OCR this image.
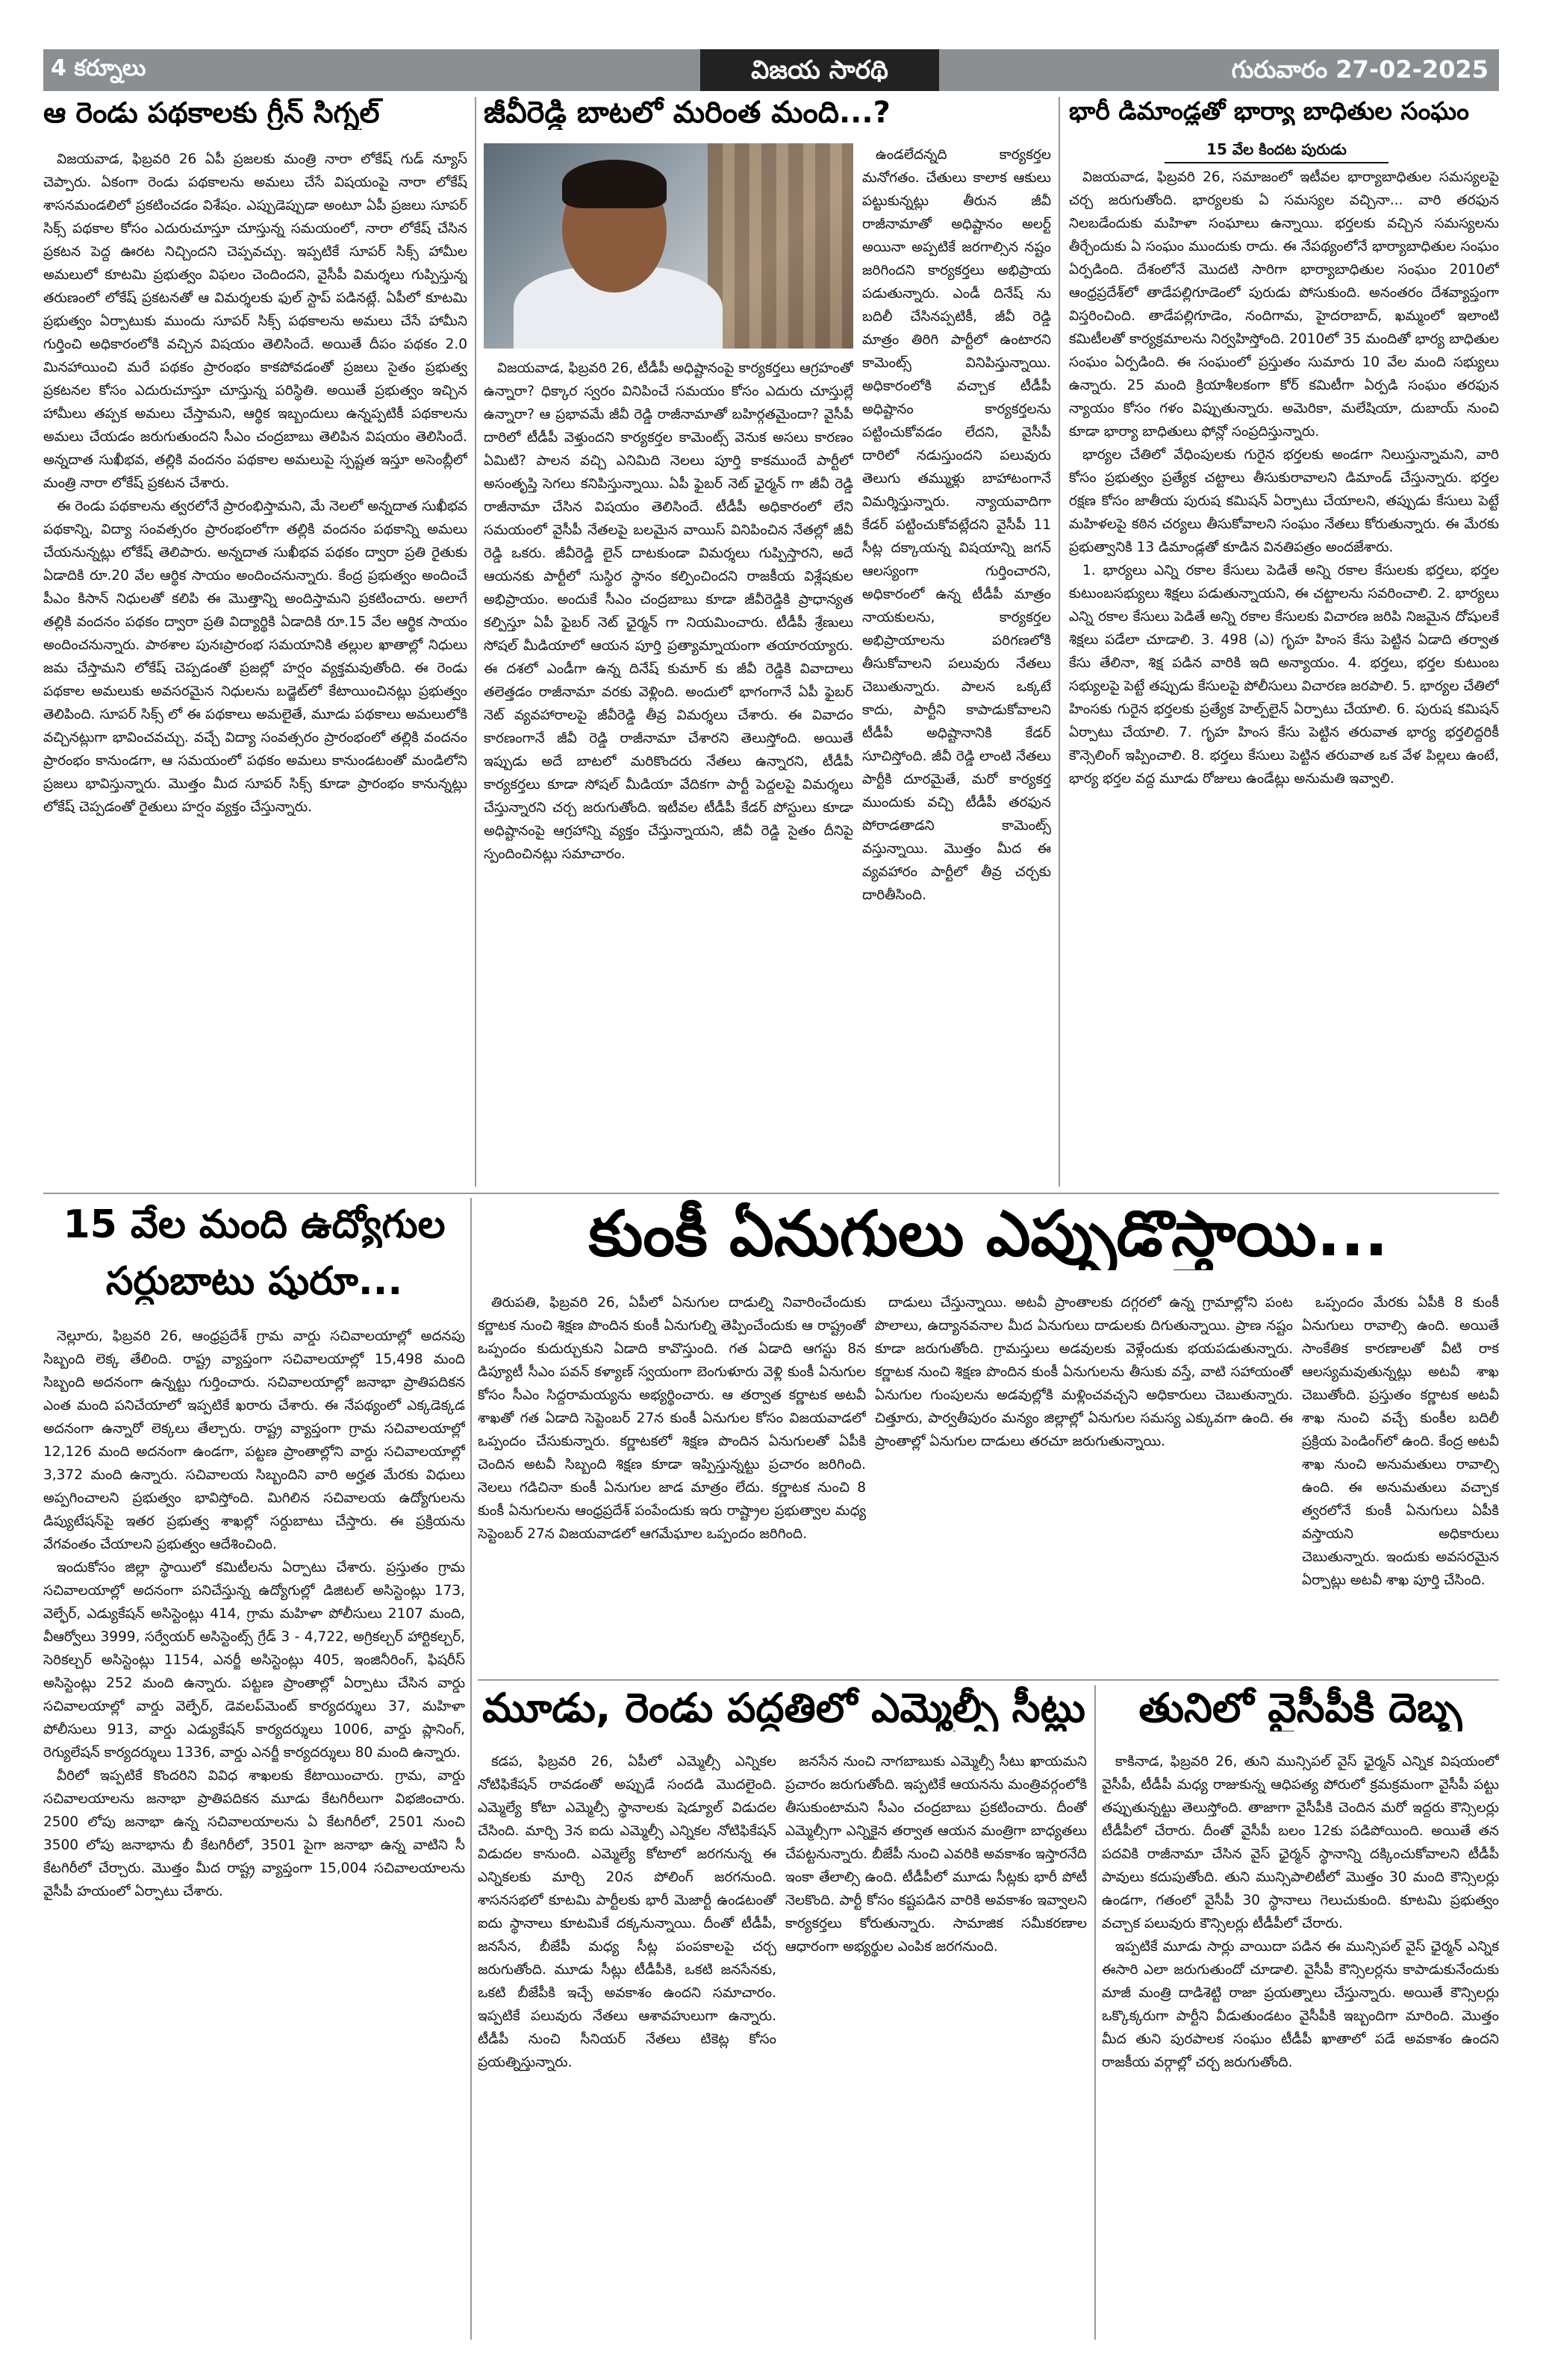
4 కర్నూలు	విజయ సారథి	గురువారం 27-02-2025
ఆ రెండు పథకాలకు గ్రీన్ సిగ్నల్

విజయవాడ, ఫిబ్రవరి 26 ఏపీ ప్రజలకు మంత్రి నారా లోకేష్ గుడ్ న్యూస్ చెప్పారు. ఏకంగా రెండు పథకాలను అమలు చేసే విషయంపై నారా లోకేష్ శాసనమండలిలో ప్రకటించడం విశేషం. ఎప్పుడెప్పుడా అంటూ ఏపీ ప్రజలు సూపర్ సిక్స్ పథకాల కోసం ఎదురుచూస్తూ చూస్తున్న సమయంలో, నారా లోకేష్ చేసిన ప్రకటన పెద్ద ఊరట నిచ్చిందని చెప్పవచ్చు. ఇప్పటికే సూపర్ సిక్స్ హామీల అమలులో కూటమి ప్రభుత్వం విఫలం చెందిందని, వైసీపీ విమర్శలు గుప్పిస్తున్న తరుణంలో లోకేష్ ప్రకటనతో ఆ విమర్శలకు ఫుల్ స్టాప్ పడినట్లే. ఏపీలో కూటమి ప్రభుత్వం ఏర్పాటుకు ముందు సూపర్ సిక్స్ పథకాలను అమలు చేసే హామీని గుర్తించి అధికారంలోకి వచ్చిన విషయం తెలిసిందే. అయితే దీపం పథకం 2.0 మినహాయించి మరే పథకం ప్రారంభం కాకపోవడంతో ప్రజలు సైతం ప్రభుత్వ ప్రకటనల కోసం ఎదురుచూస్తూ చూస్తున్న పరిస్థితి. అయితే ప్రభుత్వం ఇచ్చిన హామీలు తప్పక అమలు చేస్తామని, ఆర్థిక ఇబ్బందులు ఉన్నప్పటికీ పథకాలను అమలు చేయడం జరుగుతుందని సీఎం చంద్రబాబు తెలిపిన విషయం తెలిసిందే. అన్నదాత సుఖీభవ, తల్లికి వందనం పథకాల అమలుపై స్పష్టత ఇస్తూ అసెంబ్లీలో మంత్రి నారా లోకేష్ ప్రకటన చేశారు.

ఈ రెండు పథకాలను త్వరలోనే ప్రారంభిస్తామని, మే నెలలో అన్నదాత సుఖీభవ పథకాన్ని, విద్యా సంవత్సరం ప్రారంభంలోగా తల్లికి వందనం పథకాన్ని అమలు చేయనున్నట్లు లోకేష్ తెలిపారు. అన్నదాత సుఖీభవ పథకం ద్వారా ప్రతి రైతుకు ఏడాదికి రూ.20 వేల ఆర్థిక సాయం అందించనున్నారు. కేంద్ర ప్రభుత్వం అందించే పీఎం కిసాన్ నిధులతో కలిపి ఈ మొత్తాన్ని అందిస్తామని ప్రకటించారు. అలాగే తల్లికి వందనం పథకం ద్వారా ప్రతి విద్యార్థికి ఏడాదికి రూ.15 వేల ఆర్థిక సాయం అందించనున్నారు. పాఠశాల పునఃప్రారంభ సమయానికి తల్లుల ఖాతాల్లో నిధులు జమ చేస్తామని లోకేష్ చెప్పడంతో ప్రజల్లో హర్షం వ్యక్తమవుతోంది. ఈ రెండు పథకాల అమలుకు అవసరమైన నిధులను బడ్జెట్‌లో కేటాయించినట్లు ప్రభుత్వం తెలిపింది. సూపర్ సిక్స్ లో ఈ పథకాలు అమలైతే, మూడు పథకాలు అమలులోకి వచ్చినట్లుగా భావించవచ్చు. వచ్చే విద్యా సంవత్సరం ప్రారంభంలో తల్లికి వందనం ప్రారంభం కానుండగా, ఆ సమయంలో పథకం అమలు కానుండటంతో మండిలోని ప్రజలు భావిస్తున్నారు. మొత్తం మీద సూపర్ సిక్స్ కూడా ప్రారంభం కానున్నట్లు లోకేష్ చెప్పడంతో రైతులు హర్షం వ్యక్తం చేస్తున్నారు.

జీవీరెడ్డి బాటలో మరింత మంది...?

విజయవాడ, ఫిబ్రవరి 26, టీడీపీ అధిష్టానంపై కార్యకర్తలు ఆగ్రహంతో ఉన్నారా? ధిక్కార స్వరం వినిపించే సమయం కోసం ఎదురు చూస్తుల్లే ఉన్నారా? ఆ ప్రభావమే జీవీ రెడ్డి రాజీనామాతో బహిర్గతమైందా? వైసీపీ దారిలో టీడీపీ వెళ్తుందని కార్యకర్తల కామెంట్స్ వెనుక అసలు కారణం ఏమిటి? పాలన వచ్చి ఎనిమిది నెలలు పూర్తి కాకముందే పార్టీలో అసంతృప్తి సెగలు కనిపిస్తున్నాయి. ఏపీ ఫైబర్ నెట్ ఛైర్మన్ గా జీవీ రెడ్డి రాజీనామా చేసిన విషయం తెలిసిందే. టీడీపీ అధికారంలో లేని సమయంలో వైసీపీ నేతలపై బలమైన వాయిస్ వినిపించిన నేతల్లో జీవీ రెడ్డి ఒకరు. జీవీరెడ్డి లైన్ దాటకుండా విమర్శలు గుప్పిస్తారని, అదే ఆయనకు పార్టీలో సుస్థిర స్థానం కల్పించిందని రాజకీయ విశ్లేషకుల అభిప్రాయం. అందుకే సీఎం చంద్రబాబు కూడా జీవీరెడ్డికి ప్రాధాన్యత కల్పిస్తూ ఏపీ ఫైబర్ నెట్ ఛైర్మన్ గా నియమించారు. టీడీపీ శ్రేణులు సోషల్ మీడియాలో ఆయన పూర్తి ప్రత్యామ్నాయంగా తయారయ్యారు. ఈ దశలో ఎండీగా ఉన్న దినేష్ కుమార్ కు జీవీ రెడ్డికి వివాదాలు తలెత్తడం రాజీనామా వరకు వెళ్లింది. అందులో భాగంగానే ఏపీ ఫైబర్ నెట్ వ్యవహారాలపై జీవీరెడ్డి తీవ్ర విమర్శలు చేశారు. ఈ వివాదం కారణంగానే జీవీ రెడ్డి రాజీనామా చేశారని తెలుస్తోంది. అయితే ఇప్పుడు అదే బాటలో మరికొందరు నేతలు ఉన్నారని, టీడీపీ కార్యకర్తలు కూడా సోషల్ మీడియా వేదికగా పార్టీ పెద్దలపై విమర్శలు చేస్తున్నారని చర్చ జరుగుతోంది. ఇటీవల టీడీపీ కేడర్ పోస్టులు కూడా అధిష్టానంపై ఆగ్రహాన్ని వ్యక్తం చేస్తున్నాయని, జీవీ రెడ్డి సైతం దీనిపై స్పందించినట్లు సమాచారం.

ఉండలేదన్నది కార్యకర్తల మనోగతం. చేతులు కాలాక ఆకులు పట్టుకున్నట్లు తీరున జీవీ రాజీనామాతో అధిష్టానం అలర్ట్ అయినా అప్పటికే జరగాల్సిన నష్టం జరిగిందని కార్యకర్తలు అభిప్రాయ పడుతున్నారు. ఎండీ దినేష్ ను బదిలీ చేసినప్పటికీ, జీవీ రెడ్డి మాత్రం తిరిగి పార్టీలో ఉంటారని కామెంట్స్ వినిపిస్తున్నాయి. అధికారంలోకి వచ్చాక టీడీపీ అధిష్టానం కార్యకర్తలను పట్టించుకోవడం లేదని, వైసీపీ దారిలో నడుస్తుందని పలువురు తెలుగు తమ్ముళ్లు బాహాటంగానే విమర్శిస్తున్నారు. న్యాయవాదిగా కేడర్ పట్టించుకోవట్లేదని వైసీపీ 11 సీట్ల దక్కాయన్న విషయాన్ని జగన్ ఆలస్యంగా గుర్తించారని, అధికారంలో ఉన్న టీడీపీ మాత్రం నాయకులను, కార్యకర్తల అభిప్రాయాలను పరిగణలోకి తీసుకోవాలని పలువురు నేతలు చెబుతున్నారు. పాలన ఒక్కటే కాదు, పార్టీని కాపాడుకోవాలని టీడీపీ అధిష్టానానికి కేడర్ సూచిస్తోంది. జీవీ రెడ్డి లాంటి నేతలు పార్టీకి దూరమైతే, మరో కార్యకర్త ముందుకు వచ్చి టీడీపీ తరఫున పోరాడతాడని కామెంట్స్ వస్తున్నాయి. మొత్తం మీద ఈ వ్యవహారం పార్టీలో తీవ్ర చర్చకు దారితీసింది.

భారీ డిమాండ్లతో భార్యా బాధితుల సంఘం
15 వేల కిందట పురుడు

విజయవాడ, ఫిబ్రవరి 26, సమాజంలో ఇటీవల భార్యాబాధితుల సమస్యలపై చర్చ జరుగుతోంది. భార్యలకు ఏ సమస్యల వచ్చినా... వారి తరఫున నిలబడేందుకు మహిళా సంఘాలు ఉన్నాయి. భర్తలకు వచ్చిన సమస్యలను తీర్చేందుకు ఏ సంఘం ముందుకు రాదు. ఈ నేపథ్యంలోనే భార్యాబాధితుల సంఘం ఏర్పడింది. దేశంలోనే మొదటి సారిగా భార్యాబాధితుల సంఘం 2010లో ఆంధ్రప్రదేశ్‌లో తాడేపల్లిగూడెంలో పురుడు పోసుకుంది. అనంతరం దేశవ్యాప్తంగా విస్తరించింది. తాడేపల్లిగూడెం, నందిగామ, హైదరాబాద్, ఖమ్మంలో ఇలాంటి కమిటీలతో కార్యక్రమాలను నిర్వహిస్తోంది. 2010లో 35 మందితో భార్య బాధితుల సంఘం ఏర్పడింది. ఈ సంఘంలో ప్రస్తుతం సుమారు 10 వేల మంది సభ్యులు ఉన్నారు. 25 మంది క్రియాశీలకంగా కోర్ కమిటీగా ఏర్పడి సంఘం తరఫున న్యాయం కోసం గళం విప్పుతున్నారు. అమెరికా, మలేషియా, దుబాయ్ నుంచి కూడా భార్యా బాధితులు ఫోన్లో సంప్రదిస్తున్నారు.

భార్యల చేతిలో వేధింపులకు గురైన భర్తలకు అండగా నిలుస్తున్నామని, వారి కోసం ప్రభుత్వం ప్రత్యేక చట్టాలు తీసుకురావాలని డిమాండ్ చేస్తున్నారు. భర్తల రక్షణ కోసం జాతీయ పురుష కమిషన్ ఏర్పాటు చేయాలని, తప్పుడు కేసులు పెట్టే మహిళలపై కఠిన చర్యలు తీసుకోవాలని సంఘం నేతలు కోరుతున్నారు. ఈ మేరకు ప్రభుత్వానికి 13 డిమాండ్లతో కూడిన వినతిపత్రం అందజేశారు.

1. భార్యలు ఎన్ని రకాల కేసులు పెడితే అన్ని రకాల కేసులకు భర్తలు, భర్తల కుటుంబసభ్యులు శిక్షలు పడుతున్నాయని, ఈ చట్టాలను సవరించాలి. 2. భార్యలు ఎన్ని రకాల కేసులు పెడితే అన్ని రకాల కేసులకు విచారణ జరిపి నిజమైన దోషులకే శిక్షలు పడేలా చూడాలి. 3. 498 (ఎ) గృహ హింస కేసు పెట్టిన ఏడాది తర్వాత కేసు తేలినా, శిక్ష పడిన వారికి ఇది అన్యాయం. 4. భర్తలు, భర్తల కుటుంబ సభ్యులపై పెట్టే తప్పుడు కేసులపై పోలీసులు విచారణ జరపాలి. 5. భార్యల చేతిలో హింసకు గురైన భర్తలకు ప్రత్యేక హెల్ప్‌లైన్ ఏర్పాటు చేయాలి. 6. పురుష కమిషన్ ఏర్పాటు చేయాలి. 7. గృహ హింస కేసు పెట్టిన తరువాత భార్య భర్తలిద్దరికీ కౌన్సెలింగ్ ఇప్పించాలి. 8. భర్తలు కేసులు పెట్టిన తరువాత ఒక వేళ పిల్లలు ఉంటే, భార్య భర్తల వద్ద మూడు రోజులు ఉండేట్లు అనుమతి ఇవ్వాలి.

కుంకీ ఏనుగులు ఎప్పుడొస్తాయి...

తిరుపతి, ఫిబ్రవరి 26, ఏపీలో ఏనుగుల దాడుల్ని నివారించేందుకు కర్ణాటక నుంచి శిక్షణ పొందిన కుంకీ ఏనుగుల్ని తెప్పించేందుకు ఆ రాష్ట్రంతో ఒప్పందం కుదుర్చుకుని ఏడాది కావొస్తుంది. గత ఏడాది ఆగస్టు 8న డిప్యూటీ సీఎం పవన్ కళ్యాణ్ స్వయంగా బెంగుళూరు వెళ్లి కుంకీ ఏనుగుల కోసం సీఎం సిద్దరామయ్యను అభ్యర్థించారు. ఆ తర్వాత కర్ణాటక అటవీ శాఖతో గత ఏడాది సెప్టెంబర్ 27న కుంకీ ఏనుగుల కోసం విజయవాడలో ఒప్పందం చేసుకున్నారు. కర్ణాటకలో శిక్షణ పొందిన ఏనుగులతో ఏపీకి చెందిన అటవీ సిబ్బంది శిక్షణ కూడా ఇప్పిస్తున్నట్టు ప్రచారం జరిగింది. నెలలు గడిచినా కుంకీ ఏనుగుల జాడ మాత్రం లేదు. కర్ణాటక నుంచి 8 కుంకీ ఏనుగులను ఆంధ్రప్రదేశ్ పంపేందుకు ఇరు రాష్ట్రాల ప్రభుత్వాల మధ్య సెప్టెంబర్ 27న విజయవాడలో ఆగమేఘాల ఒప్పందం జరిగింది.

దాడులు చేస్తున్నాయి. అటవీ ప్రాంతాలకు దగ్గరలో ఉన్న గ్రామాల్లోని పంట పొలాలు, ఉద్యానవనాల మీద ఏనుగులు దాడులకు దిగుతున్నాయి. ప్రాణ నష్టం కూడా జరుగుతోంది. గ్రామస్తులు అడవులకు వెళ్లేందుకు భయపడుతున్నారు. కర్ణాటక నుంచి శిక్షణ పొందిన కుంకీ ఏనుగులను తీసుకు వస్తే, వాటి సహాయంతో ఏనుగుల గుంపులను అడవుల్లోకి మళ్లించవచ్చని అధికారులు చెబుతున్నారు. చిత్తూరు, పార్వతీపురం మన్యం జిల్లాల్లో ఏనుగుల సమస్య ఎక్కువగా ఉంది. ఈ ప్రాంతాల్లో ఏనుగుల దాడులు తరచూ జరుగుతున్నాయి.

ఒప్పందం మేరకు ఏపీకి 8 కుంకీ ఏనుగులు రావాల్సి ఉంది. అయితే సాంకేతిక కారణాలతో వీటి రాక ఆలస్యమవుతున్నట్లు అటవీ శాఖ చెబుతోంది. ప్రస్తుతం కర్ణాటక అటవీ శాఖ నుంచి వచ్చే కుంకీల బదిలీ ప్రక్రియ పెండింగ్‌లో ఉంది. కేంద్ర అటవీ శాఖ నుంచి అనుమతులు రావాల్సి ఉంది. ఈ అనుమతులు వచ్చాక త్వరలోనే కుంకీ ఏనుగులు ఏపీకి వస్తాయని అధికారులు చెబుతున్నారు. ఇందుకు అవసరమైన ఏర్పాట్లు అటవీ శాఖ పూర్తి చేసింది.

15 వేల మంది ఉద్యోగుల
సర్దుబాటు షురూ...

నెల్లూరు, ఫిబ్రవరి 26, ఆంధ్రప్రదేశ్ గ్రామ వార్డు సచివాలయాల్లో అదనపు సిబ్బంది లెక్క తేలింది. రాష్ట్ర వ్యాప్తంగా సచివాలయాల్లో 15,498 మంది సిబ్బంది అదనంగా ఉన్నట్టు గుర్తించారు. సచివాలయాల్లో జనాభా ప్రాతిపదికన ఎంత మంది పనిచేయాలో ఇప్పటికే ఖరారు చేశారు. ఈ నేపథ్యంలో ఎక్కడెక్కడ అదనంగా ఉన్నారో లెక్కలు తేల్చారు. రాష్ట్ర వ్యాప్తంగా గ్రామ సచివాలయాల్లో 12,126 మంది అదనంగా ఉండగా, పట్టణ ప్రాంతాల్లోని వార్డు సచివాలయాల్లో 3,372 మంది ఉన్నారు. సచివాలయ సిబ్బందిని వారి అర్హత మేరకు విధులు అప్పగించాలని ప్రభుత్వం భావిస్తోంది. మిగిలిన సచివాలయ ఉద్యోగులను డిప్యుటేషన్‌పై ఇతర ప్రభుత్వ శాఖల్లో సర్దుబాటు చేస్తారు. ఈ ప్రక్రియను వేగవంతం చేయాలని ప్రభుత్వం ఆదేశించింది.

ఇందుకోసం జిల్లా స్థాయిలో కమిటీలను ఏర్పాటు చేశారు. ప్రస్తుతం గ్రామ సచివాలయాల్లో అదనంగా పనిచేస్తున్న ఉద్యోగుల్లో డిజిటల్ అసిస్టెంట్లు 173, వెల్ఫేర్, ఎడ్యుకేషన్ అసిస్టెంట్లు 414, గ్రామ మహిళా పోలీసులు 2107 మంది, వీఆర్వోలు 3999, సర్వేయర్ అసిస్టెంట్స్ గ్రేడ్ 3 - 4,722, అగ్రికల్చర్ హార్టికల్చర్, సెరికల్చర్ అసిస్టెంట్లు 1154, ఎనర్జీ అసిస్టెంట్లు 405, ఇంజినీరింగ్, ఫిషరీస్ అసిస్టెంట్లు 252 మంది ఉన్నారు. పట్టణ ప్రాంతాల్లో ఏర్పాటు చేసిన వార్డు సచివాలయాల్లో వార్డు వెల్ఫేర్, డెవలప్‌మెంట్ కార్యదర్శులు 37, మహిళా పోలీసులు 913, వార్డు ఎడ్యుకేషన్ కార్యదర్శులు 1006, వార్డు ప్లానింగ్, రెగ్యులేషన్ కార్యదర్శులు 1336, వార్డు ఎనర్జీ కార్యదర్శులు 80 మంది ఉన్నారు.

వీరిలో ఇప్పటికే కొందరిని వివిధ శాఖలకు కేటాయించారు. గ్రామ, వార్డు సచివాలయాలను జనాభా ప్రాతిపదికన మూడు కేటగిరీలుగా విభజించారు. 2500 లోపు జనాభా ఉన్న సచివాలయాలను ఏ కేటగిరీలో, 2501 నుంచి 3500 లోపు జనాభాను బీ కేటగిరీలో, 3501 పైగా జనాభా ఉన్న వాటిని సీ కేటగిరీలో చేర్చారు. మొత్తం మీద రాష్ట్ర వ్యాప్తంగా 15,004 సచివాలయాలను వైసీపీ హయంలో ఏర్పాటు చేశారు.

మూడు, రెండు పద్ధతిలో ఎమ్మెల్సీ సీట్లు

కడప, ఫిబ్రవరి 26, ఏపీలో ఎమ్మెల్సీ ఎన్నికల నోటిఫికేషన్ రావడంతో అప్పుడే సందడి మొదలైంది. ఎమ్మెల్యే కోటా ఎమ్మెల్సీ స్థానాలకు షెడ్యూల్ విడుదల చేసింది. మార్చి 3న ఐదు ఎమ్మెల్సీ ఎన్నికల నోటిఫికేషన్ విడుదల కానుంది. ఎమ్మెల్యే కోటాలో జరగనున్న ఈ ఎన్నికలకు మార్చి 20న పోలింగ్ జరగనుంది. శాసనసభలో కూటమి పార్టీలకు భారీ మెజార్టీ ఉండటంతో ఐదు స్థానాలు కూటమికే దక్కనున్నాయి. దీంతో టీడీపీ, జనసేన, బీజేపీ మధ్య సీట్ల పంపకాలపై చర్చ జరుగుతోంది. మూడు సీట్లు టీడీపీకి, ఒకటి జనసేనకు, ఒకటి బీజేపీకి ఇచ్చే అవకాశం ఉందని సమాచారం. ఇప్పటికే పలువురు నేతలు ఆశావహులుగా ఉన్నారు. టీడీపీ నుంచి సీనియర్ నేతలు టికెట్ల కోసం ప్రయత్నిస్తున్నారు.

జనసేన నుంచి నాగబాబుకు ఎమ్మెల్సీ సీటు ఖాయమని ప్రచారం జరుగుతోంది. ఇప్పటికే ఆయనను మంత్రివర్గంలోకి తీసుకుంటామని సీఎం చంద్రబాబు ప్రకటించారు. దీంతో ఎమ్మెల్సీగా ఎన్నికైన తర్వాత ఆయన మంత్రిగా బాధ్యతలు చేపట్టనున్నారు. బీజేపీ నుంచి ఎవరికి అవకాశం ఇస్తారనేది ఇంకా తేలాల్సి ఉంది. టీడీపీలో మూడు సీట్లకు భారీ పోటీ నెలకొంది. పార్టీ కోసం కష్టపడిన వారికి అవకాశం ఇవ్వాలని కార్యకర్తలు కోరుతున్నారు. సామాజిక సమీకరణాల ఆధారంగా అభ్యర్థుల ఎంపిక జరగనుంది.

తునిలో వైసీపీకి దెబ్బ

కాకినాడ, ఫిబ్రవరి 26, తుని మున్సిపల్ వైస్ ఛైర్మన్ ఎన్నిక విషయంలో వైసీపీ, టీడీపీ మధ్య రాజుకున్న ఆధిపత్య పోరులో క్రమక్రమంగా వైసీపీ పట్టు తప్పుతున్నట్టు తెలుస్తోంది. తాజాగా వైసీపీకి చెందిన మరో ఇద్దరు కౌన్సిలర్లు టీడీపీలో చేరారు. దీంతో వైసీపీ బలం 12కు పడిపోయింది. అయితే తన పదవికి రాజీనామా చేసిన వైస్ ఛైర్మన్ స్థానాన్ని దక్కించుకోవాలని టీడీపీ పావులు కదుపుతోంది. తుని మున్సిపాలిటీలో మొత్తం 30 మంది కౌన్సిలర్లు ఉండగా, గతంలో వైసీపీ 30 స్థానాలు గెలుచుకుంది. కూటమి ప్రభుత్వం వచ్చాక పలువురు కౌన్సిలర్లు టీడీపీలో చేరారు.

ఇప్పటికే మూడు సార్లు వాయిదా పడిన ఈ మున్సిపల్ వైస్ ఛైర్మన్ ఎన్నిక ఈసారి ఎలా జరుగుతుందో చూడాలి. వైసీపీ కౌన్సిలర్లను కాపాడుకునేందుకు మాజీ మంత్రి దాడిశెట్టి రాజా ప్రయత్నాలు చేస్తున్నారు. అయితే కౌన్సిలర్లు ఒక్కొక్కరుగా పార్టీని వీడుతుండటం వైసీపీకి ఇబ్బందిగా మారింది. మొత్తం మీద తుని పురపాలక సంఘం టీడీపీ ఖాతాలో పడే అవకాశం ఉందని రాజకీయ వర్గాల్లో చర్చ జరుగుతోంది.
